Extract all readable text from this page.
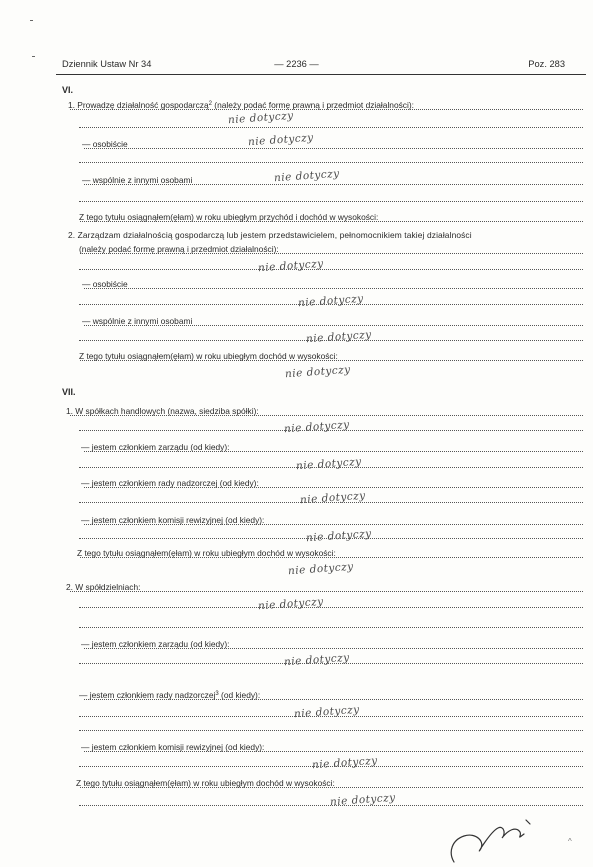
Dziennik Ustaw Nr 34	— 2236 —	Poz. 283
VI.
1. Prowadzę działalność gospodarczą$^2$ (należy podać formę prawną i przedmiot działalności):
nie dotyczy
— osobiście	nie dotyczy
— wspólnie z innymi osobami	nie dotyczy
Z tego tytułu osiągnąłem(ęłam) w roku ubiegłym przychód i dochód w wysokości:
2. Zarządzam działalnością gospodarczą lub jestem przedstawicielem, pełnomocnikiem takiej działalności
(należy podać formę prawną i przedmiot działalności):
nie dotyczy
— osobiście
nie dotyczy
— wspólnie z innymi osobami
nie dotyczy
Z tego tytułu osiągnąłem(ęłam) w roku ubiegłym dochód w wysokości:
nie dotyczy
VII.
1. W spółkach handlowych (nazwa, siedziba spółki):
nie dotyczy
— jestem członkiem zarządu (od kiedy):
nie dotyczy
— jestem członkiem rady nadzorczej (od kiedy):
nie dotyczy
— jestem członkiem komisji rewizyjnej (od kiedy):
nie dotyczy
Z tego tytułu osiągnąłem(ęłam) w roku ubiegłym dochód w wysokości:
nie dotyczy
2. W spółdzielniach:
nie dotyczy
— jestem członkiem zarządu (od kiedy):
nie dotyczy
— jestem członkiem rady nadzorczej$^3$ (od kiedy):
nie dotyczy
— jestem członkiem komisji rewizyjnej (od kiedy):
nie dotyczy
Z tego tytułu osiągnąłem(ęłam) w roku ubiegłym dochód w wysokości:
nie dotyczy
^
